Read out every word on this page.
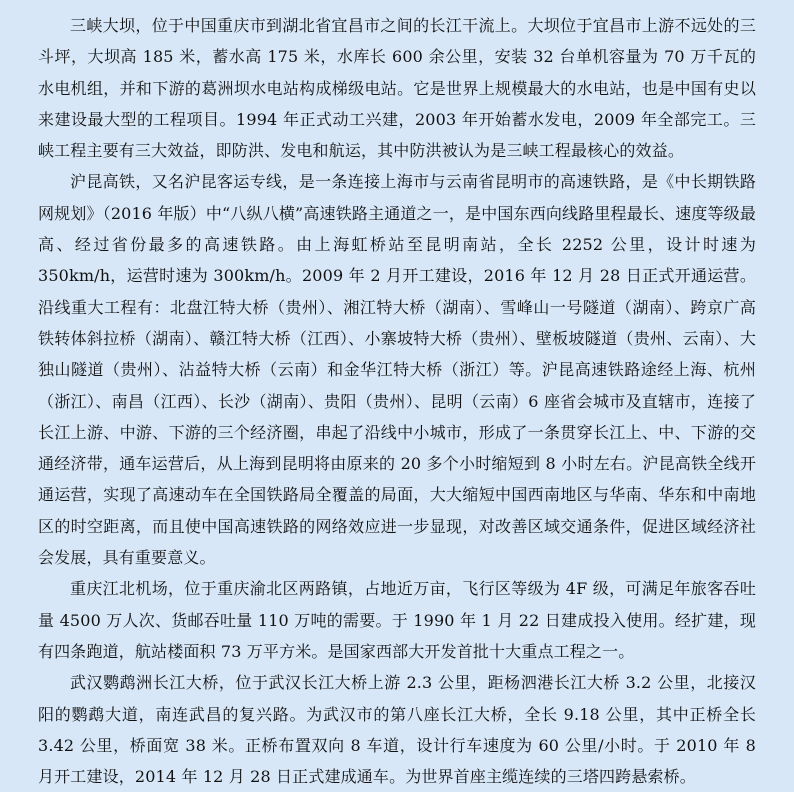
三峡大坝，位于中国重庆市到湖北省宜昌市之间的长江干流上。大坝位于宜昌市上游不远处的三斗坪，大坝高 185 米，蓄水高 175 米，水库长 600 余公里，安装 32 台单机容量为 70 万千瓦的水电机组，并和下游的葛洲坝水电站构成梯级电站。它是世界上规模最大的水电站，也是中国有史以来建设最大型的工程项目。1994 年正式动工兴建，2003 年开始蓄水发电，2009 年全部完工。三峡工程主要有三大效益，即防洪、发电和航运，其中防洪被认为是三峡工程最核心的效益。

沪昆高铁，又名沪昆客运专线，是一条连接上海市与云南省昆明市的高速铁路，是《中长期铁路网规划》（2016 年版）中“八纵八横”高速铁路主通道之一，是中国东西向线路里程最长、速度等级最高、经过省份最多的高速铁路。由上海虹桥站至昆明南站，全长 2252 公里，设计时速为 350km/h，运营时速为 300km/h。2009 年 2 月开工建设，2016 年 12 月 28 日正式开通运营。沿线重大工程有：北盘江特大桥（贵州）、湘江特大桥（湖南）、雪峰山一号隧道（湖南）、跨京广高铁转体斜拉桥（湖南）、赣江特大桥（江西）、小寨坡特大桥（贵州）、壁板坡隧道（贵州、云南）、大独山隧道（贵州）、沾益特大桥（云南）和金华江特大桥（浙江）等。沪昆高速铁路途经上海、杭州（浙江）、南昌（江西）、长沙（湖南）、贵阳（贵州）、昆明（云南）6 座省会城市及直辖市，连接了长江上游、中游、下游的三个经济圈，串起了沿线中小城市，形成了一条贯穿长江上、中、下游的交通经济带，通车运营后，从上海到昆明将由原来的 20 多个小时缩短到 8 小时左右。沪昆高铁全线开通运营，实现了高速动车在全国铁路局全覆盖的局面，大大缩短中国西南地区与华南、华东和中南地区的时空距离，而且使中国高速铁路的网络效应进一步显现，对改善区域交通条件，促进区域经济社会发展，具有重要意义。

重庆江北机场，位于重庆渝北区两路镇，占地近万亩，飞行区等级为 4F 级，可满足年旅客吞吐量 4500 万人次、货邮吞吐量 110 万吨的需要。于 1990 年 1 月 22 日建成投入使用。经扩建，现有四条跑道，航站楼面积 73 万平方米。是国家西部大开发首批十大重点工程之一。

武汉鹦鹉洲长江大桥，位于武汉长江大桥上游 2.3 公里，距杨泗港长江大桥 3.2 公里，北接汉阳的鹦鹉大道，南连武昌的复兴路。为武汉市的第八座长江大桥，全长 9.18 公里，其中正桥全长 3.42 公里，桥面宽 38 米。正桥布置双向 8 车道，设计行车速度为 60 公里/小时。于 2010 年 8 月开工建设，2014 年 12 月 28 日正式建成通车。为世界首座主缆连续的三塔四跨悬索桥。
